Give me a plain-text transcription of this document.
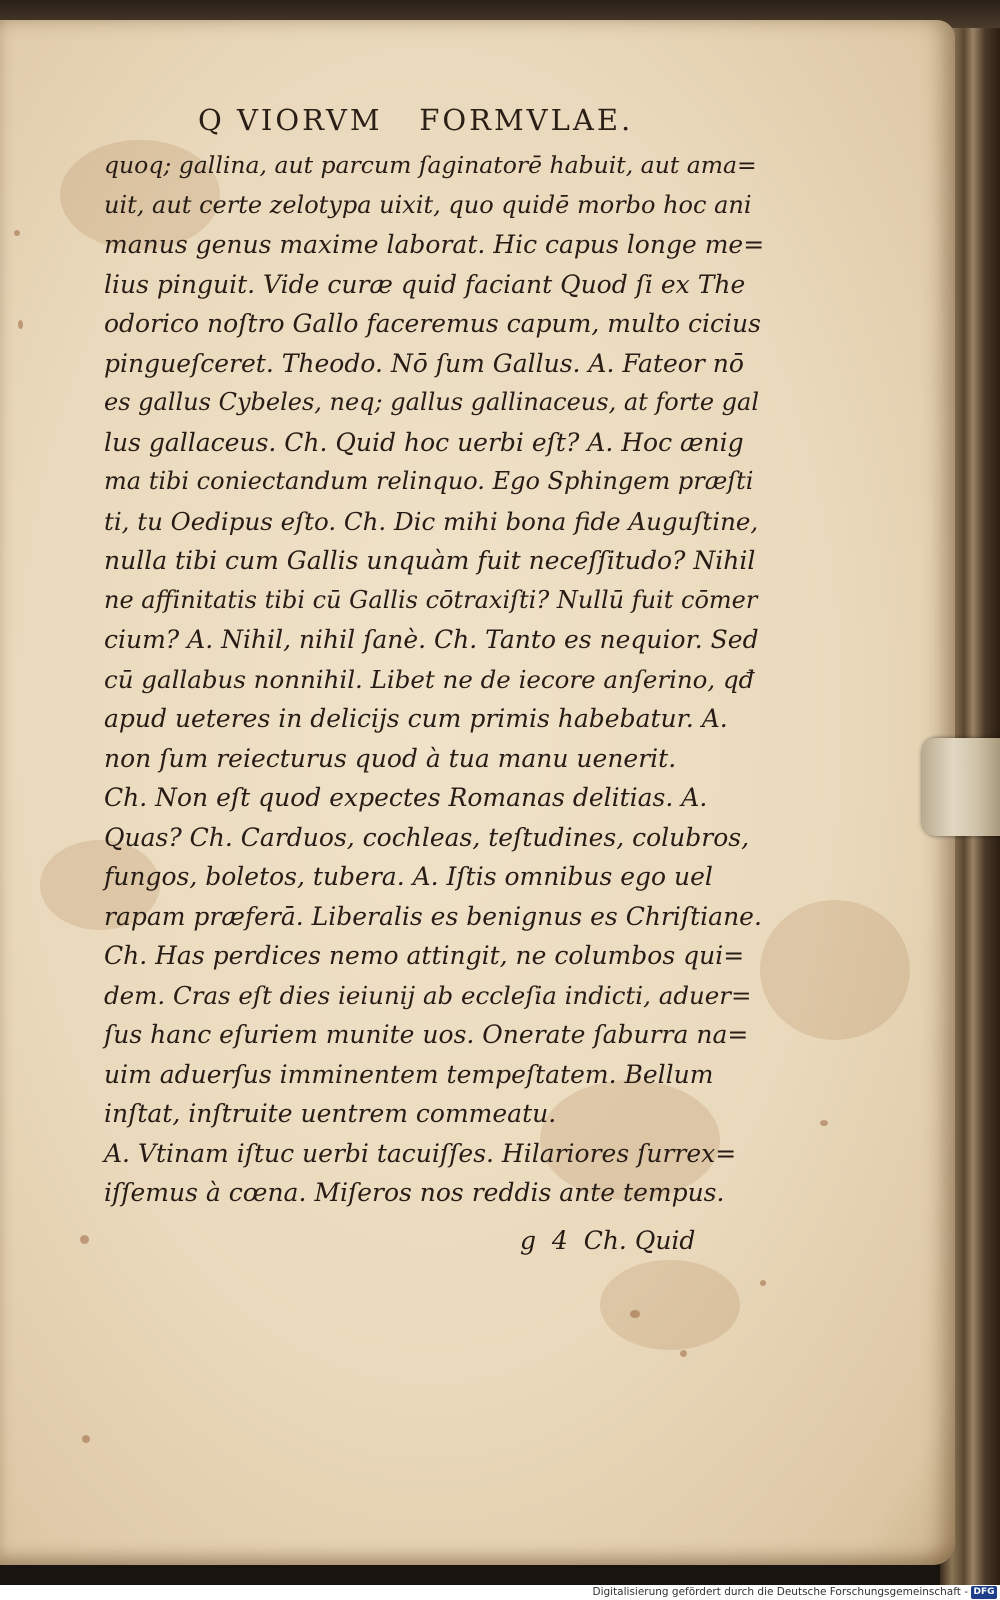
Q VIORVM   FORMVLAE.
quoq; gallina, aut parcum ſaginatorē habuit, aut ama=
uit, aut certe zelotypa uixit, quo quidē morbo hoc ani
manus genus maxime laborat. Hic capus longe me=
lius pinguit. Vide curæ quid faciant Quod ſi ex The
odorico noſtro Gallo faceremus capum, multo cicius
pingueſceret. Theodo. Nō ſum Gallus. A. Fateor nō
es gallus Cybeles, neq; gallus gallinaceus, at forte gal
lus gallaceus. Ch. Quid hoc uerbi eſt? A. Hoc ænig
ma tibi coniectandum relinquo. Ego Sphingem præſti
ti, tu Oedipus eſto. Ch. Dic mihi bona fide Auguſtine,
nulla tibi cum Gallis unquàm fuit neceſſitudo? Nihil
ne affinitatis tibi cū Gallis cōtraxiſti? Nullū fuit cōmer
cium? A. Nihil, nihil ſanè. Ch. Tanto es nequior. Sed
cū gallabus nonnihil. Libet ne de iecore anſerino, qđ
apud ueteres in delicijs cum primis habebatur. A.
non ſum reiecturus quod à tua manu uenerit.
Ch. Non eſt quod expectes Romanas delitias. A.
Quas? Ch. Carduos, cochleas, teſtudines, colubros,
fungos, boletos, tubera. A. Iſtis omnibus ego uel
rapam præferā. Liberalis es benignus es Chriſtiane.
Ch. Has perdices nemo attingit, ne columbos qui=
dem. Cras eſt dies ieiunij ab eccleſia indicti, aduer=
ſus hanc eſuriem munite uos. Onerate ſaburra na=
uim aduerſus imminentem tempeſtatem. Bellum
inſtat, inſtruite uentrem commeatu.
A. Vtinam iſtuc uerbi tacuiſſes. Hilariores ſurrex=
iſſemus à cœna. Miſeros nos reddis ante tempus.
g  4  Ch. Quid
Digitalisierung gefördert durch die Deutsche Forschungsgemeinschaft - DFG
